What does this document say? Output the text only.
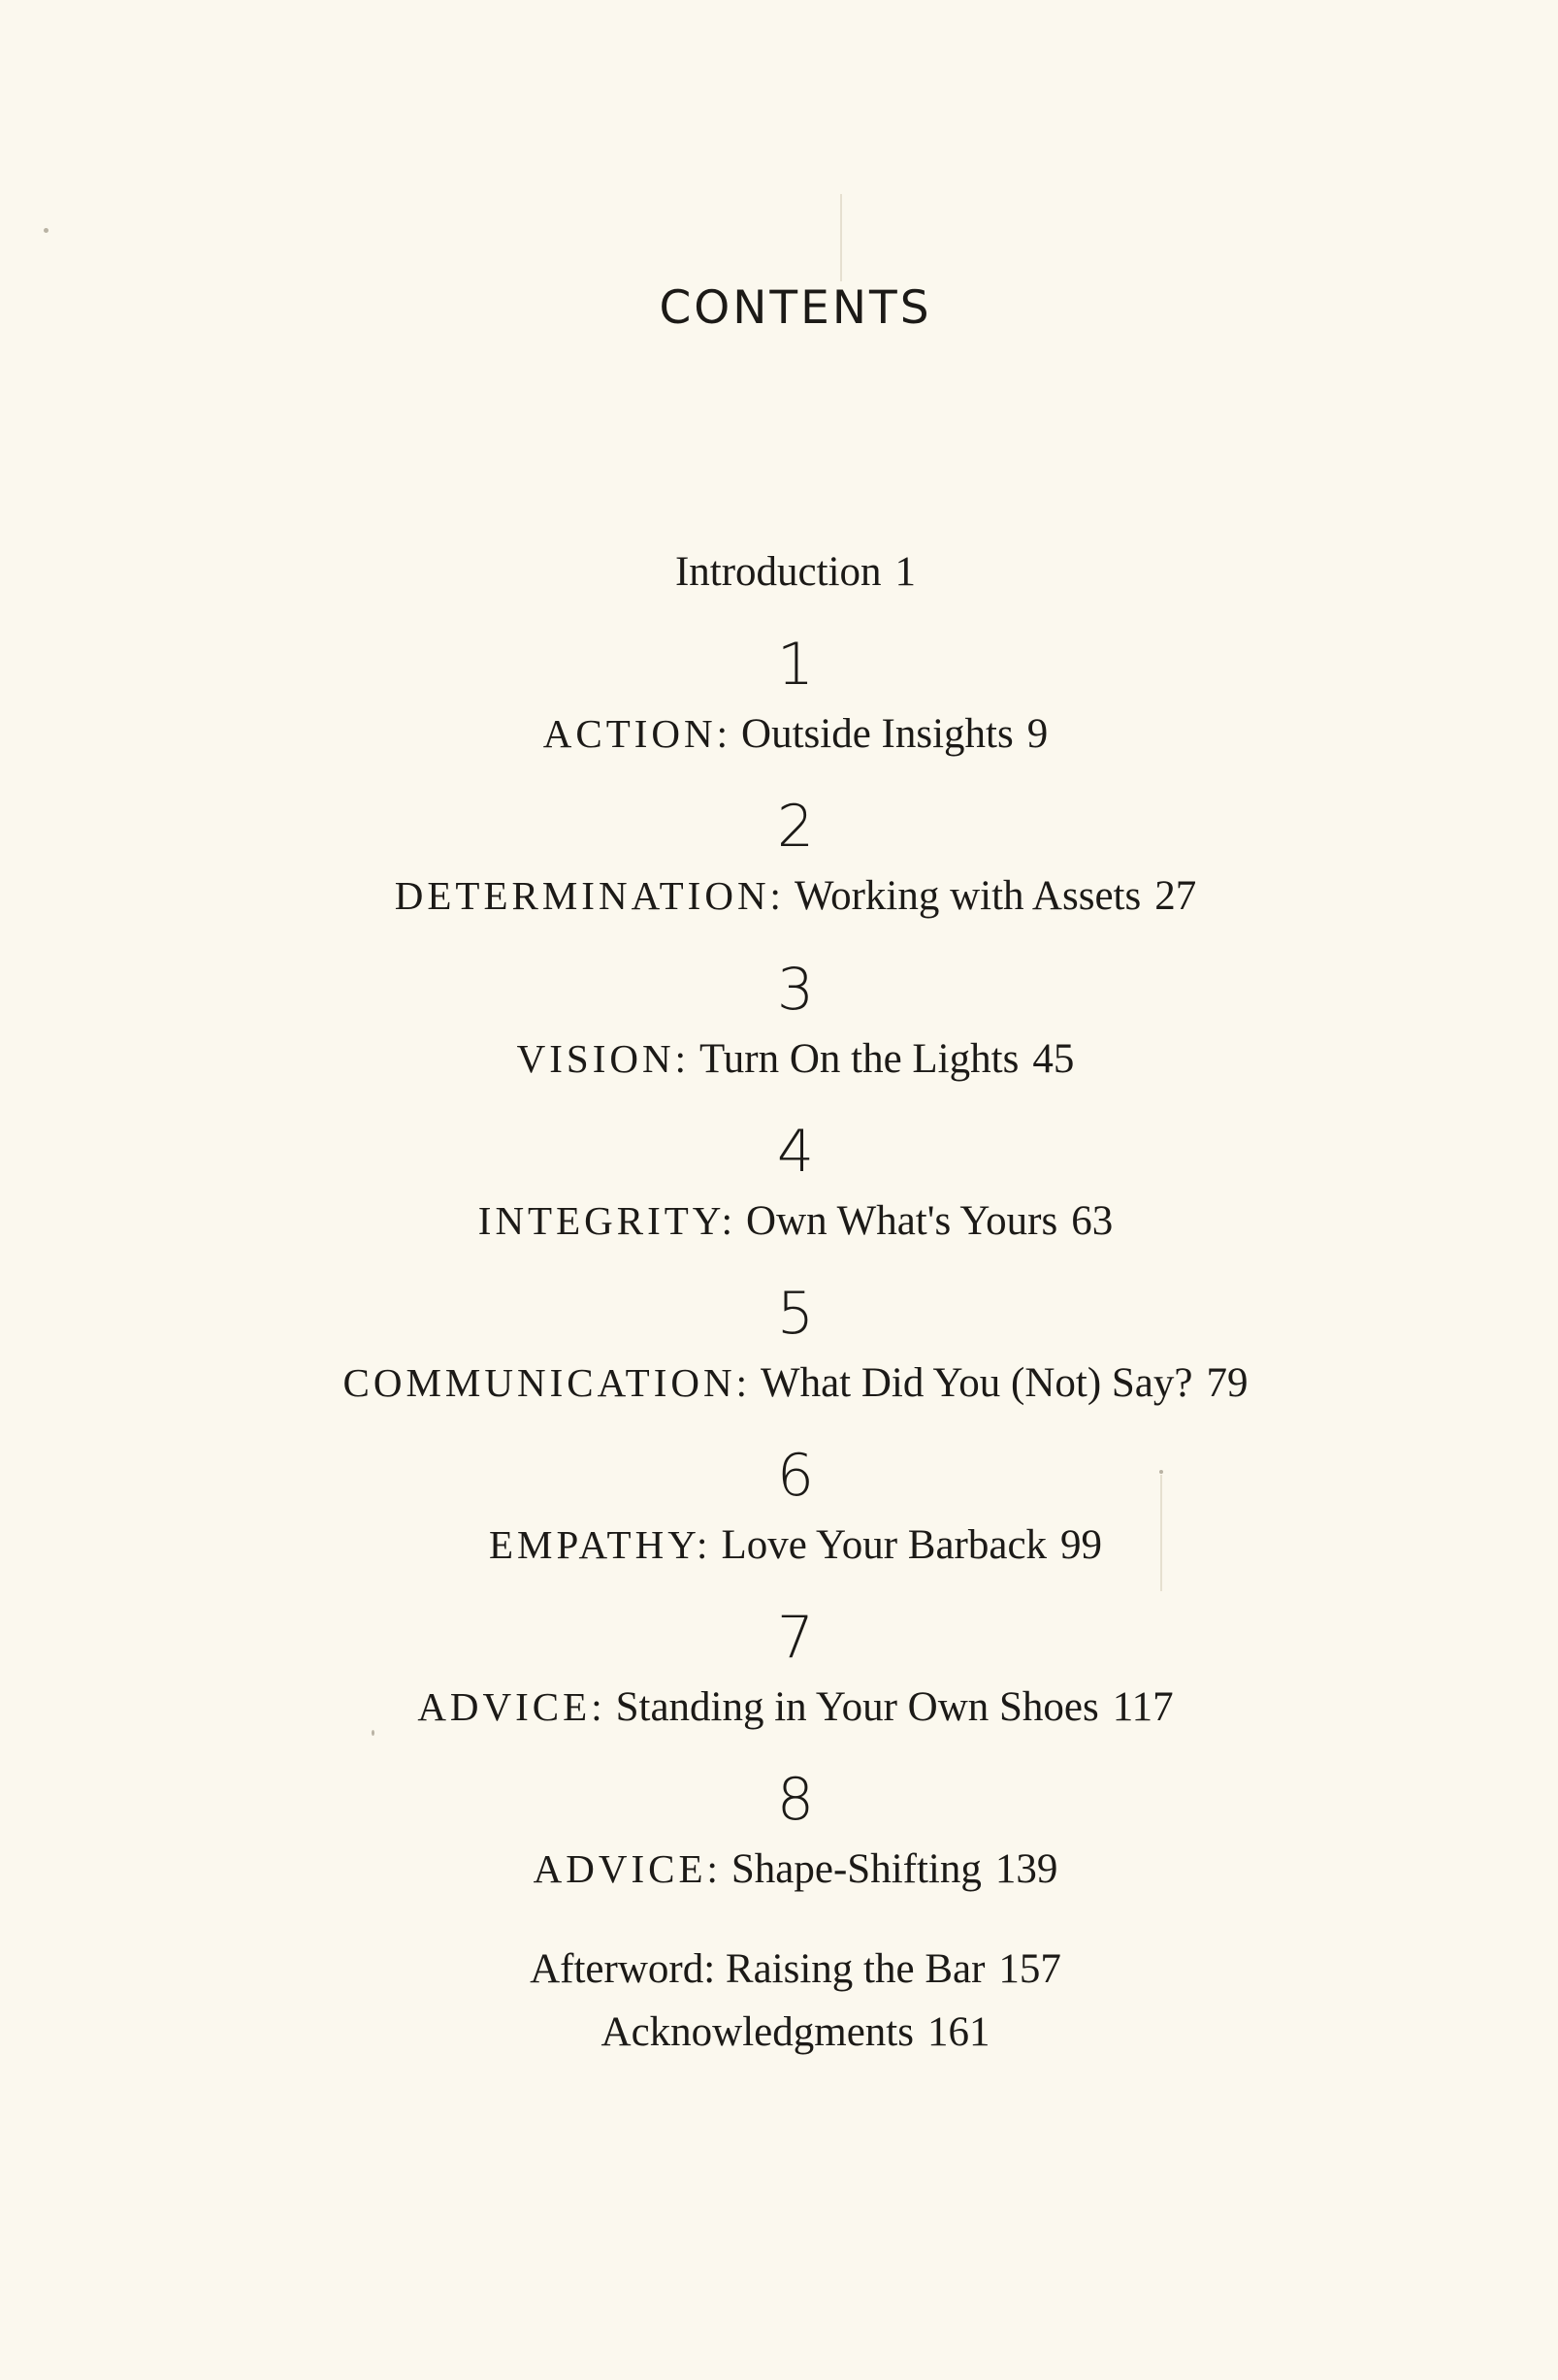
CONTENTS
Introduction 1
1
ACTION: Outside Insights 9
2
DETERMINATION: Working with Assets 27
3
VISION: Turn On the Lights 45
4
INTEGRITY: Own What's Yours 63
5
COMMUNICATION: What Did You (Not) Say? 79
6
EMPATHY: Love Your Barback 99
7
ADVICE: Standing in Your Own Shoes 117
8
ADVICE: Shape-Shifting 139
Afterword: Raising the Bar 157
Acknowledgments 161
